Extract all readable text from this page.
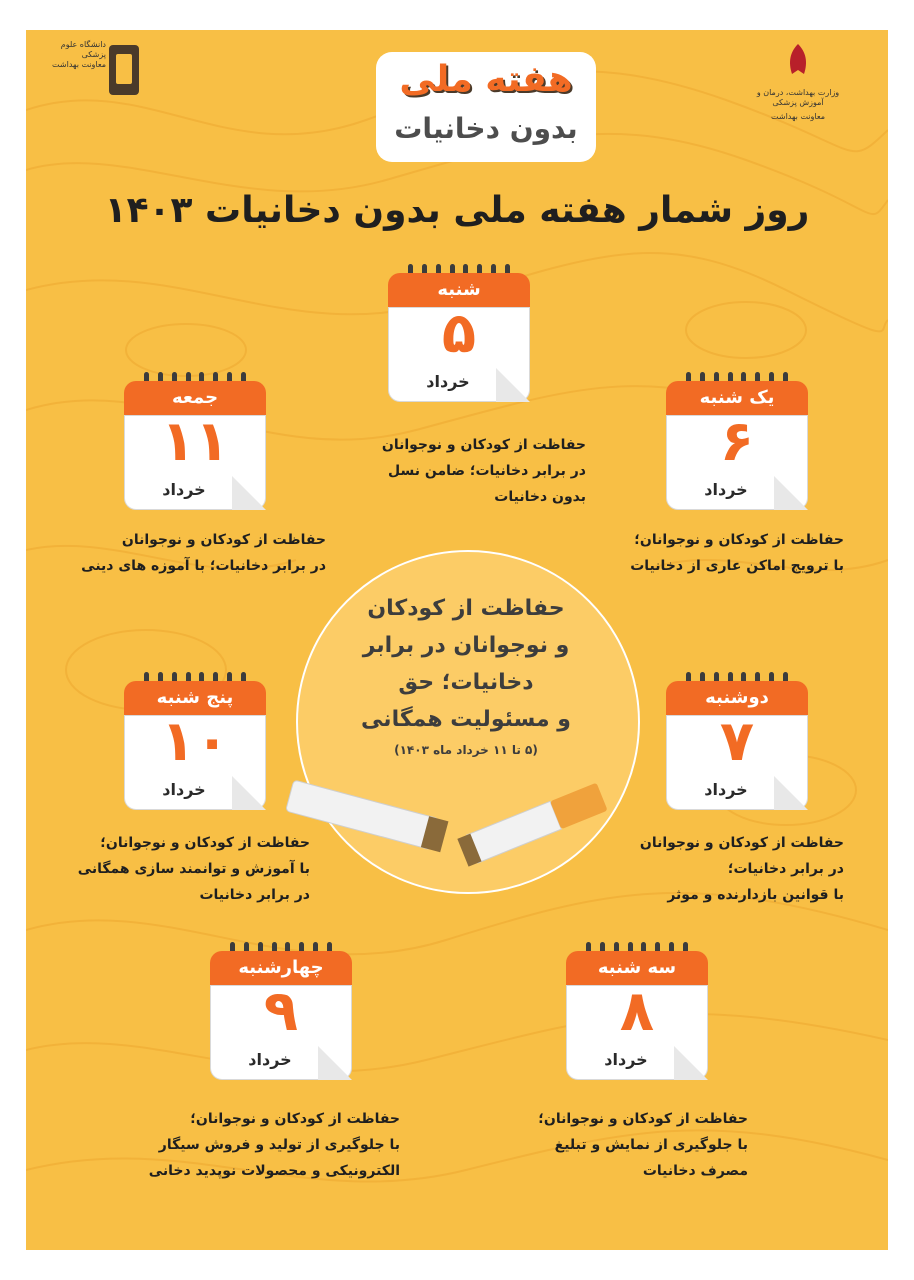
دانشگاه علوم پزشکی
معاونت بهداشت	هفته ملی
بدون دخانیات
وزارت بهداشت، درمان و آموزش پزشکی
معاونت بهداشت
روز شمار هفته ملی بدون دخانیات ۱۴۰۳
حفاظت از کودکان
و نوجوانان در برابر
دخانیات؛ حق
و مسئولیت همگانی
(۵ تا ۱۱ خرداد ماه ۱۴۰۳)
شنبه
۵
خرداد
حفاظت از کودکان و نوجوانان
در برابر دخانیات؛ ضامن نسل
بدون دخانیات
یک شنبه
۶
خرداد
حفاظت از کودکان و نوجوانان؛
با ترویج اماکن عاری از دخانیات
جمعه
۱۱
خرداد
حفاظت از کودکان و نوجوانان
در برابر دخانیات؛ با آموزه های دینی
دوشنبه
۷
خرداد
حفاظت از کودکان و نوجوانان
در برابر دخانیات؛
با قوانین بازدارنده و موثر
پنج شنبه
۱۰
خرداد
حفاظت از کودکان و نوجوانان؛
با آموزش و توانمند سازی همگانی
در برابر دخانیات
سه شنبه
۸
خرداد
حفاظت از کودکان و نوجوانان؛
با جلوگیری از نمایش و تبلیغ
مصرف دخانیات
چهارشنبه
۹
خرداد
حفاظت از کودکان و نوجوانان؛
با جلوگیری از تولید و فروش سیگار
الکترونیکی و محصولات نوپدید دخانی
